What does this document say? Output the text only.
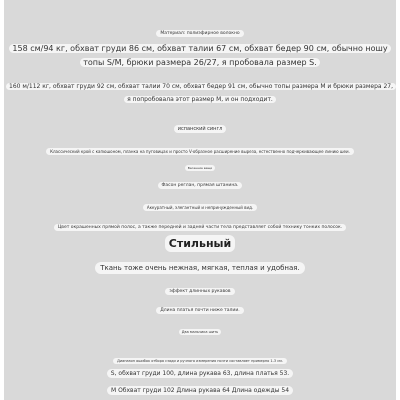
Материал: полиэфирное волокно
158 см/94 кг, обхват груди 86 см, обхват талии 67 см, обхват бедер 90 см, обычно ношу топы S/M, брюки размера 26/27, я пробовала размер S.
160 м/112 кг, обхват груди 92 см, обхват талии 70 см, обхват бедер 91 см, обычно топы размера M и брюки размера 27, я попробовала этот размер M, и он подходит.
испанский сингл
Классический крой с капюшоном, планка на пуговицах и просто V-образное расширение выреза, естественно подчеркивающее линию шеи.
Весенние вещи
Фасон реглан, прямая штанина.
Аккуратный, элегантный и непринужденный вид.
Цвет окрашенных прямой полос, а также передней и задней части тела представляет собой технику тонких полосок.
Стильный
Ткань тоже очень нежная, мягкая, теплая и удобная.
эффект длинных рукавов
Длина платья почти ниже талии.
Два мальчика шить
Диапазон ошибок отбора сзади и ручного измерения почти составляет примерно 1-3 см.
S, обхват груди 100, длина рукава 63, длина платья 53.
M Обхват груди 102 Длина рукава 64 Длина одежды 54
